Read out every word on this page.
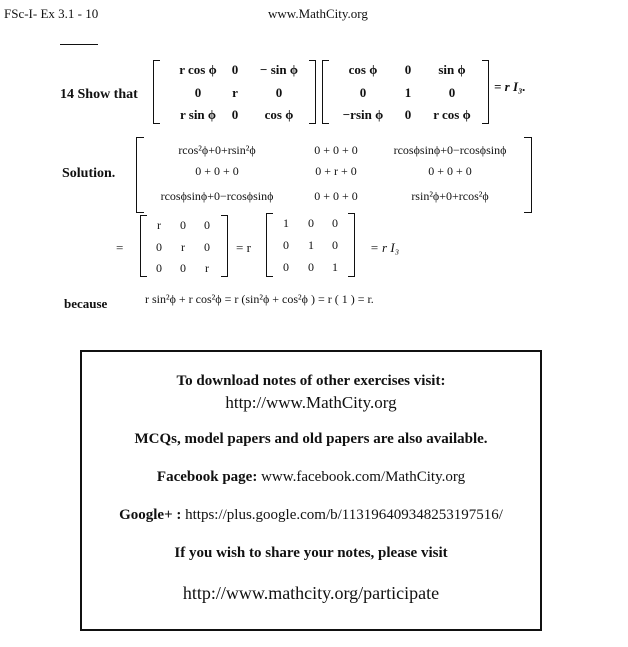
FSc-I- Ex 3.1 - 10	www.MathCity.org
14 Show that
r cos ϕ	0	− sin ϕ
0	r	0
r sin ϕ	0	cos ϕ
cos ϕ	0	sin ϕ
0	1	0
−rsin ϕ	0	r cos ϕ
= r I₃.
Solution.
rcos²ϕ+0+rsin²ϕ	0 + 0 + 0	rcosϕsinϕ+0−rcosϕsinϕ
0 + 0 + 0	0 + r + 0	0 + 0 + 0
rcosϕsinϕ+0−rcosϕsinϕ	0 + 0 + 0	rsin²ϕ+0+rcos²ϕ
=
r	0	0
0	r	0
0	0	r
= r
1	0	0
0	1	0
0	0	1
= r I₃
because	r sin²ϕ + r cos²ϕ = r (sin²ϕ + cos²ϕ ) = r ( 1 ) = r.
To download notes of other exercises visit:
http://www.MathCity.org
MCQs, model papers and old papers are also available.
Facebook page: www.facebook.com/MathCity.org
Google+ : https://plus.google.com/b/113196409348253197516/
If you wish to share your notes, please visit
http://www.mathcity.org/participate
